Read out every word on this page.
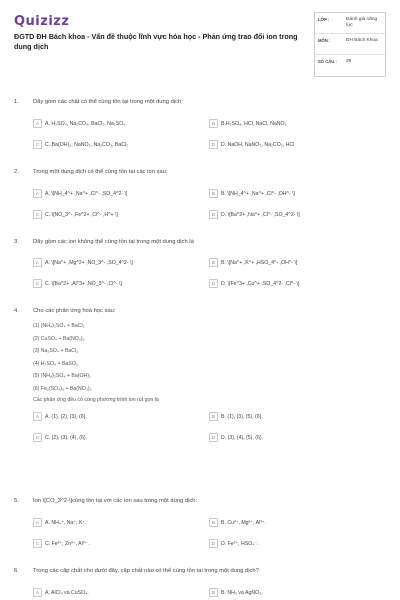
Quizizz
ĐGTD ĐH Bách khoa - Vấn đề thuộc lĩnh vực hóa học - Phản ứng trao đổi ion trong dung dịch
LỚP :	Đánh giá năng lực
MÔN :	ĐH Bách Khoa
SỐ CÂU :	29
1.	Dãy gồm các chất có thể cùng tồn tại trong một dung dịch:
A	A. H₂SO₄, Na₂CO₃, BaCl₂, Na₂SO₄	B	B.H₂SO₄, HCl, NaCl, NaNO₃
C	C. Ba(OH)₂, NaNO₃, Na₂CO₃, BaCl₂	D	D. NaOH, NaNO₃, Na₂CO₃, HCl
2.	Trong một dung dịch có thể cùng tồn tại các ion sau:
A	A. \[NH_4^+ ,Na^+ ,Cl^- ,SO_4^2- \]	B	B. \[NH_4^+ ,Na^+ ,Cl^- ,OH^- \]
C	C. \[NO_3^- ,Fe^2+ ,Cl^- ,H^+ \]	D	D. \[Ba^2+ ,Na^+ ,Cl^- ,SO_4^2- \]
3.	Dãy gồm các ion không thể cùng tồn tại trong một dung dịch là
A	A. \[Na^+ ,Mg^2+ ,NO_3^- ,SO_4^2- \]	B	B. \[Na^+ ,K^+ ,HSO_4^- ,OH^- \]
C	C. \[Ba^2+ ,Al^3+ ,NO_3^- ,Cl^- \]	D	D. \[Fe^3+ ,Cu^+ ,SO_4^2- ,Cl^- \]
4.	Cho các phản ứng hoá học sau:
(1) (NH₄)₂SO₄ + BaCl₂
(2) CuSO₄ + Ba(NO₃)₂
(3) Na₂SO₄ + BaCl₂
(4) H₂SO₄ + BaSO₃
(5) (NH₄)₂SO₄ + Ba(OH)₂
(6) Fe₂(SO₄)₃ + Ba(NO₃)₂
Các phản ứng đều có cùng phương trình ion rút gọn là
A	A. (1), (2), (3), (6).	B	B. (1), (3), (5), (6).
C	C. (2), (3), (4), (6).	D	D. (3), (4), (5), (6).
5.	Ion \[CO_3^2-\]cùng tồn tại với các ion sau trong một dung dịch:
A	A. NH₄⁺, Na⁺, K⁺.	B	B. Cu²⁺, Mg²⁺, Al³⁺.
C	C. Fe³⁺, Zn²⁺, Al³⁺ .	D	D. Fe²⁺, HSO₄⁻.
6.	Trong các cặp chất cho dưới đây, cặp chất nào có thể cùng tồn tại trong một dung dịch?
A	A. AlCl₃ và CuSO₄.	B	B. NH₃ và AgNO₃.
